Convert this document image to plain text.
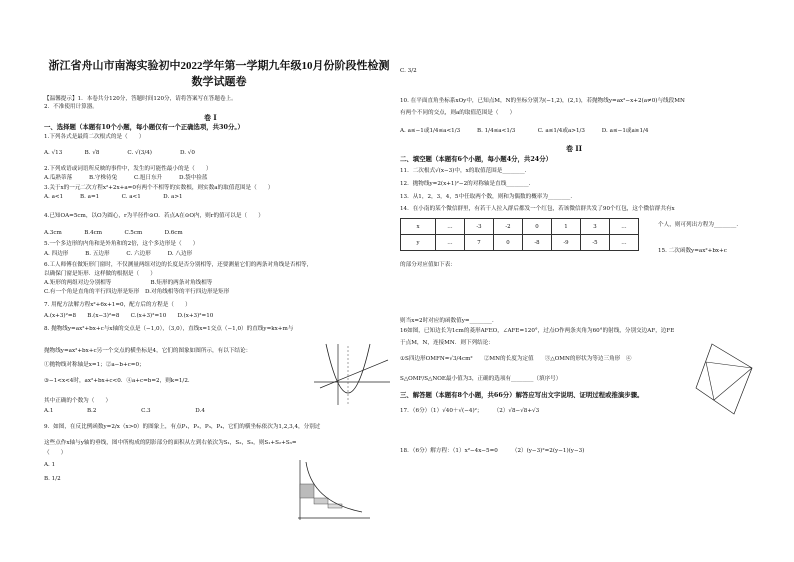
浙江省舟山市南海实验初中2022学年第一学期九年级10月份阶段性检测
数学试题卷
【温馨提示】1．本卷共分120分，答题时间120分，请将答案写在答题卷上。
2．不准使用计算器。
卷 I
一、选择题（本题有10个小题，每小题仅有一个正确选项，共30分。）
1.下列各式是最简二次根式的是（　　）
A. √13　　　　B. √8　　　　　C. √(3/4)　　　　　D. √0
2.下列成语或词语所反映的事件中，发生的可能性最小的是（　　）
A.瓜熟蒂落　　　B.守株待兔　　　C.旭日东升　　　D.袋中捡蓝
3.关于x的一元二次方程x²+2x+a=0有两个不相等的实数根，则实数a的取值范围是（　　）
A. a<1　　　B. a=1　　　　C. a<1　　　　D. a>1
4.已知OA=5cm，以O为圆心，r为半径作⊙O．若点A在⊙O内，则r的值可以是（　　）
A.3cm　　　　B.4cm　　　　C.5cm　　　　D.6cm
5.一个多边形的内角和是外角和的2倍，这个多边形是（　　）
A. 四边形　　　B. 五边形　　　C. 六边形　　　D. 八边形
6.工人师傅在做矩形门窗时，不仅测量两组对边的长度是否分别相等，还要测量它们的两条对角线是否相等，
以确保门窗是矩形．这样做的根据是（　　）
A.矩形的两组对边分别相等　　　　　　　B.矩形的两条对角线相等
C.有一个角是直角的平行四边形是矩形　D.对角线相等的平行四边形是矩形
7. 用配方法解方程x²+6x+1=0，配方后的方程是（　　）
A.(x+3)²=8　　B.(x−3)²=8　　C.(x+3)²=10　　D.(x+3)²=10
8. 抛物线y=ax²+bx+c与x轴的交点是（−1,0），（3,0），直线x=1交点（−1,0）的直线y=kx+m与
抛物线y=ax²+bx+c另一个交点的横坐标是4，它们的图象如图所示，有以下结论：
①抛物线对称轴是x=1；②a−b+c=0；
③−1<x<4时，ax²+bx+c<0．④a+c=b=2，则k=1/2．
其中正确的个数为（　　）
A.1　　　　　　B.2　　　　　　　　C.3　　　　　　　　D.4
9．如图，在反比例函数y=2/x（x>0）的图象上，有点P₁，P₂，P₃，P₄，它们的横坐标依次为1,2,3,4，分别过
这些点作x轴与y轴的垂线，图中所构成的阴影部分的面积从左到右依次为S₁，S₂，S₃，则S₁+S₂+S₃=
（　　）
A. 1
B. 1/2
C. 3/2
10. 在平面直角坐标系xOy中，已知点M，N的坐标分别为(−1,2)，(2,1)，若抛物线y=ax²−x+2(a≠0)与线段MN
有两个不同的交点，则a的取值范围是（　　）
A. a≤−1或1/4≤a<1/3　　　B. 1/4≤a<1/3　　　　C. a≤1/4或a>1/3　　　D. a≤−1或a≥1/4
卷 II
二、填空题（本题有6个小题，每小题4分，共24分）
11．二次根式√(x−3)中，x的取值范围是________．
12．抛物线y=2(x+1)²−2的对称轴是直线________．
13．从1，2，3，4，5中任取两个数，则和为偶数的概率为________．
14．在小南的某个微信群里，有若干人拉入群后都发一个红包，若该微信群共发了90个红包，这个微信群共有x
x	…	-3	-2	0	1	3	…
y	…	7	0	-8	-9	-5	…
个人，则可列出方程为________．
15. 二次函数y=ax²+bx+c
的部分对应值如下表：
则当x=2时对应的函数值y=________．
16如图，已知边长为1cm的菱形AFEO，∠AFE=120°，过点O作两条夹角为60°的射线，分别交边AF，边FE
于点M，N，连接MN．则下列结论：
①S四边形OMFN=√3/4cm²　　②MN的长度为定值　　③△OMN的形状为等边三角形　④
S△OMF/S△NOE最小值为3，正确的选项有________（填序号）
三、解答题（本题有8个小题，共66分）解答应写出文字说明、证明过程或推演步骤。
17．（6分）（1）√40＋√(−4)²；　　　（2）√8−√8+√3
18．（6分）解方程：（1）x²−4x−5=0　　　（2）(y−3)²=2(y−1)(y−3)
